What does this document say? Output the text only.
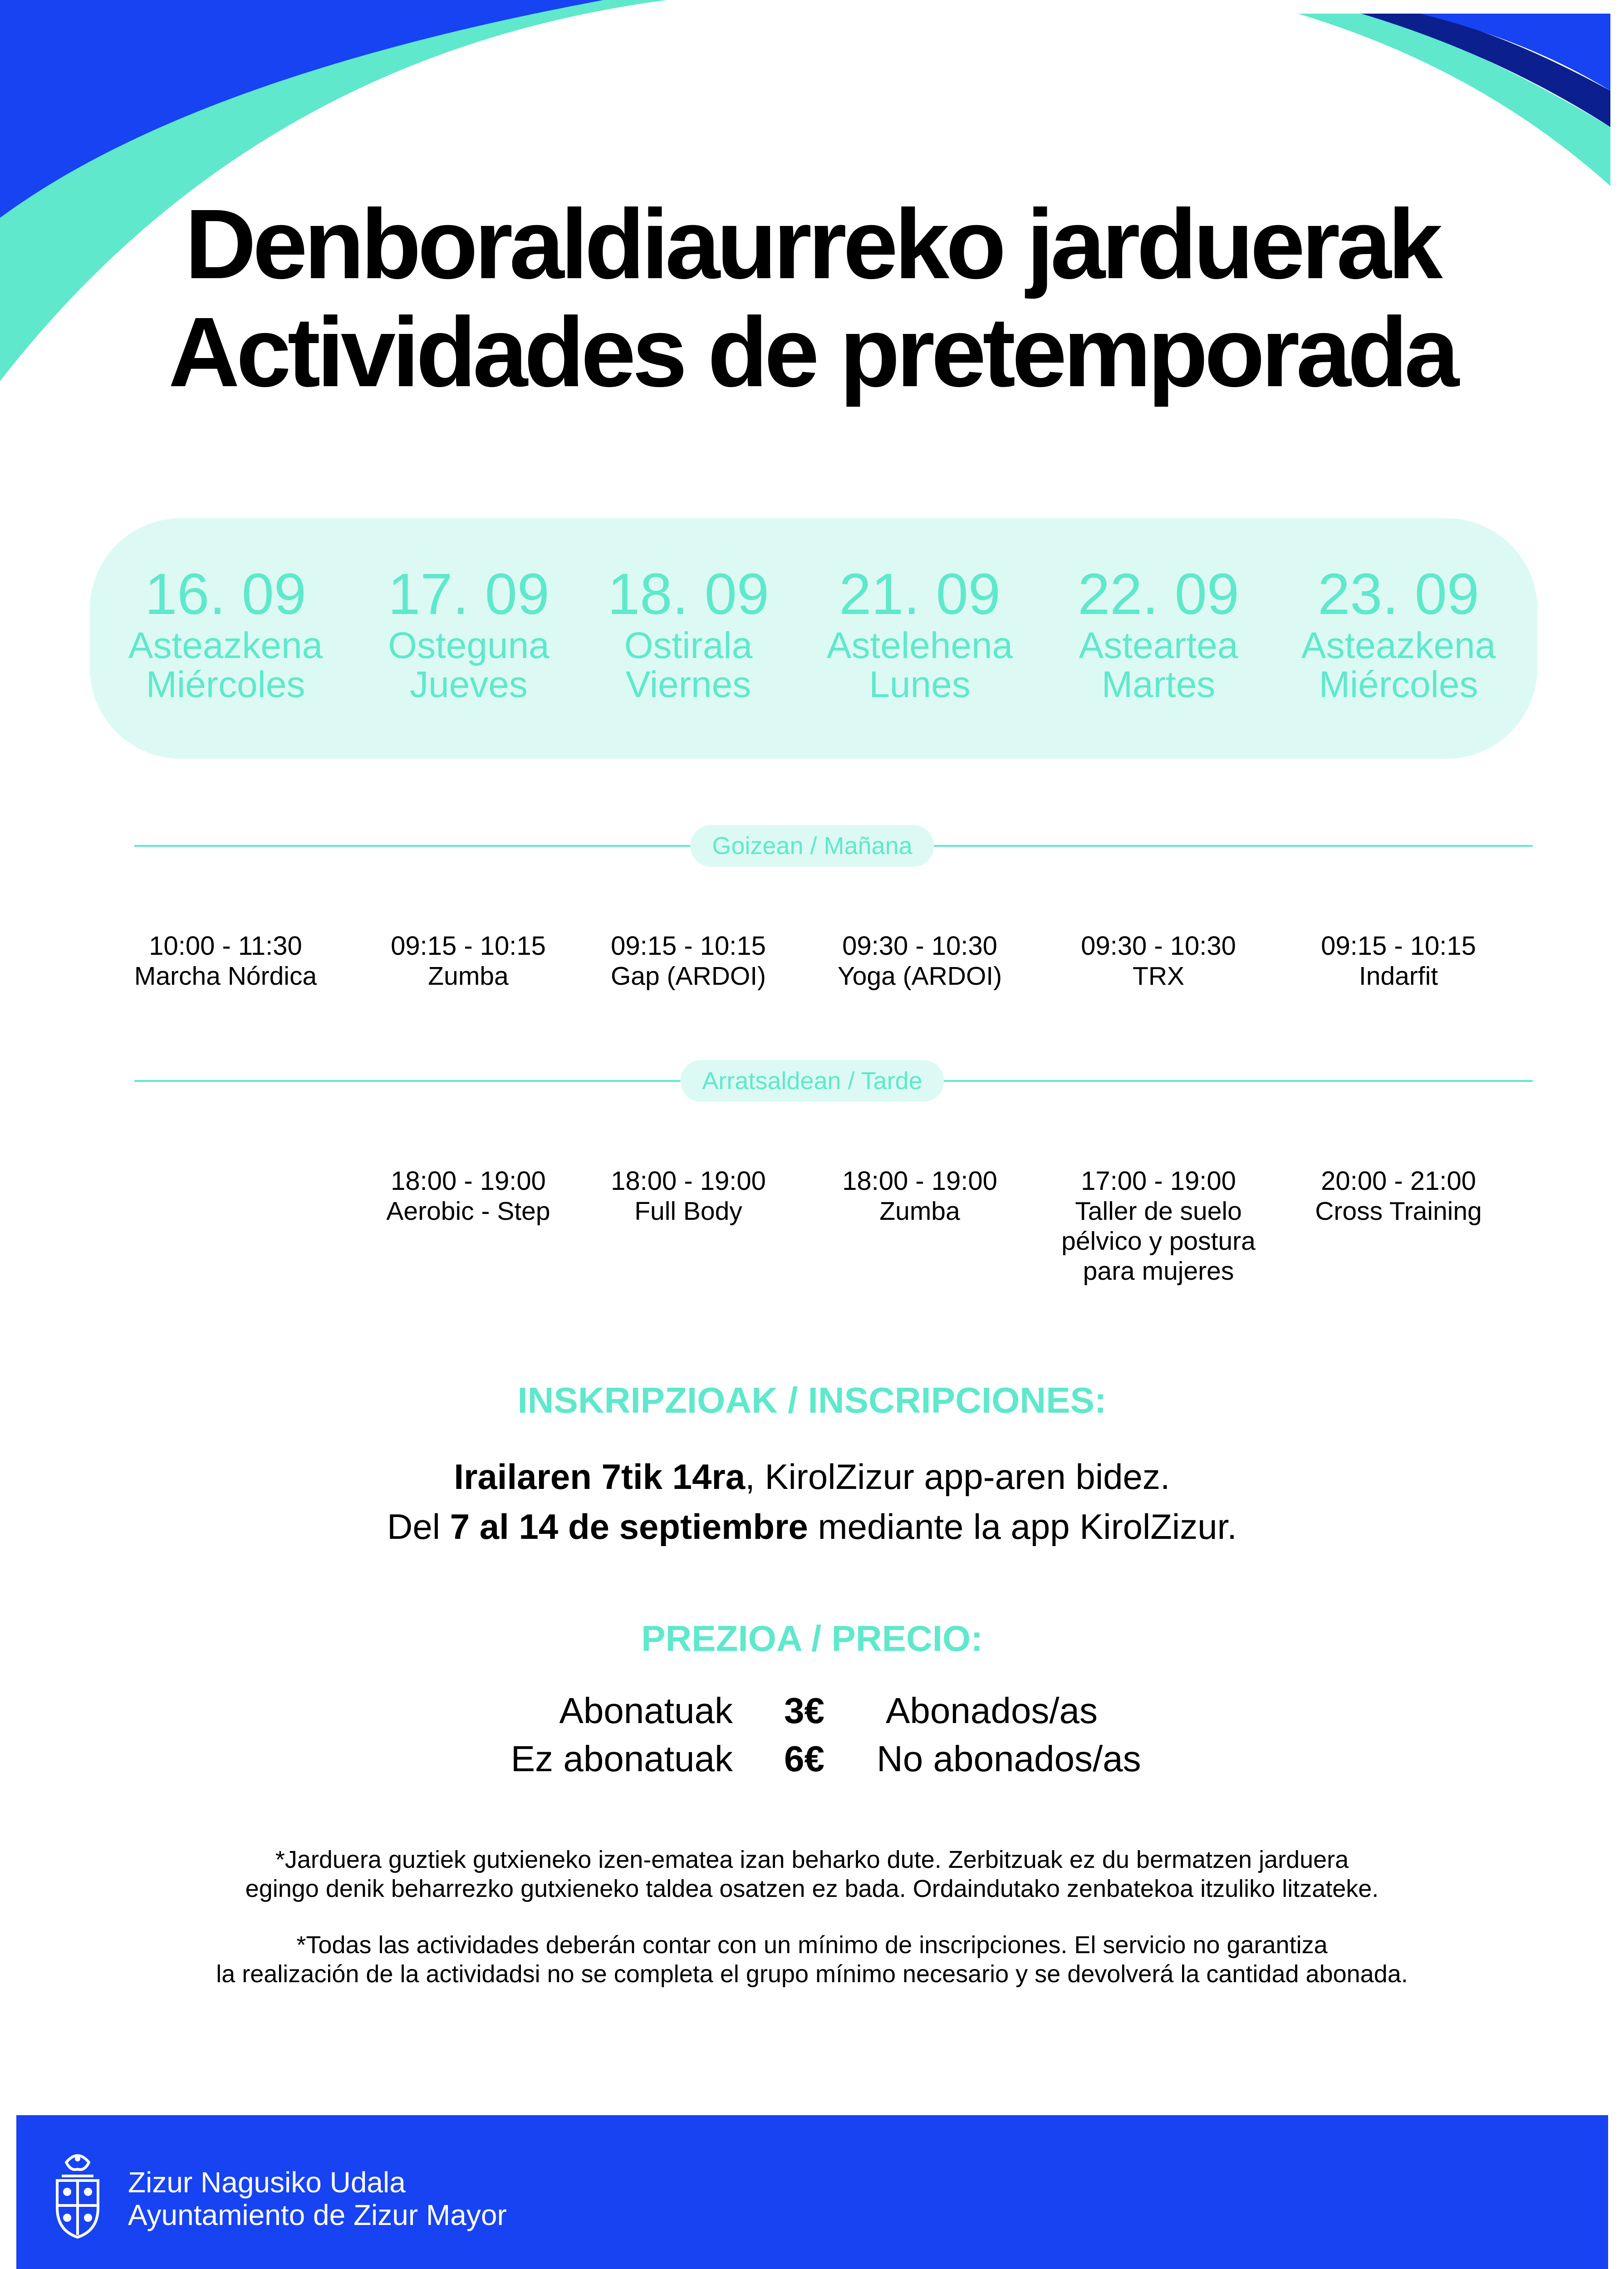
Denboraldiaurreko jarduerak
Actividades de pretemporada
16. 09
Asteazkena
Miércoles
17. 09
Osteguna
Jueves
18. 09
Ostirala
Viernes
21. 09
Astelehena
Lunes
22. 09
Asteartea
Martes
23. 09
Asteazkena
Miércoles
Goizean / Mañana
10:00 - 11:30
Marcha Nórdica
09:15 - 10:15
Zumba
09:15 - 10:15
Gap (ARDOI)
09:30 - 10:30
Yoga (ARDOI)
09:30 - 10:30
TRX
09:15 - 10:15
Indarfit
Arratsaldean / Tarde
18:00 - 19:00
Aerobic - Step
18:00 - 19:00
Full Body
18:00 - 19:00
Zumba
17:00 - 19:00
Taller de suelo
pélvico y postura
para mujeres
20:00 - 21:00
Cross Training
INSKRIPZIOAK / INSCRIPCIONES:
Irailaren 7tik 14ra, KirolZizur app-aren bidez.
Del 7 al 14 de septiembre mediante la app KirolZizur.
PREZIOA / PRECIO:
Abonatuak 3€ Abonados/as
Ez abonatuak 6€ No abonados/as
*Jarduera guztiek gutxieneko izen-ematea izan beharko dute. Zerbitzuak ez du bermatzen jarduera
egingo denik beharrezko gutxieneko taldea osatzen ez bada. Ordaindutako zenbatekoa itzuliko litzateke.
*Todas las actividades deberán contar con un mínimo de inscripciones. El servicio no garantiza
la realización de la actividadsi no se completa el grupo mínimo necesario y se devolverá la cantidad abonada.
Zizur Nagusiko Udala
Ayuntamiento de Zizur Mayor
